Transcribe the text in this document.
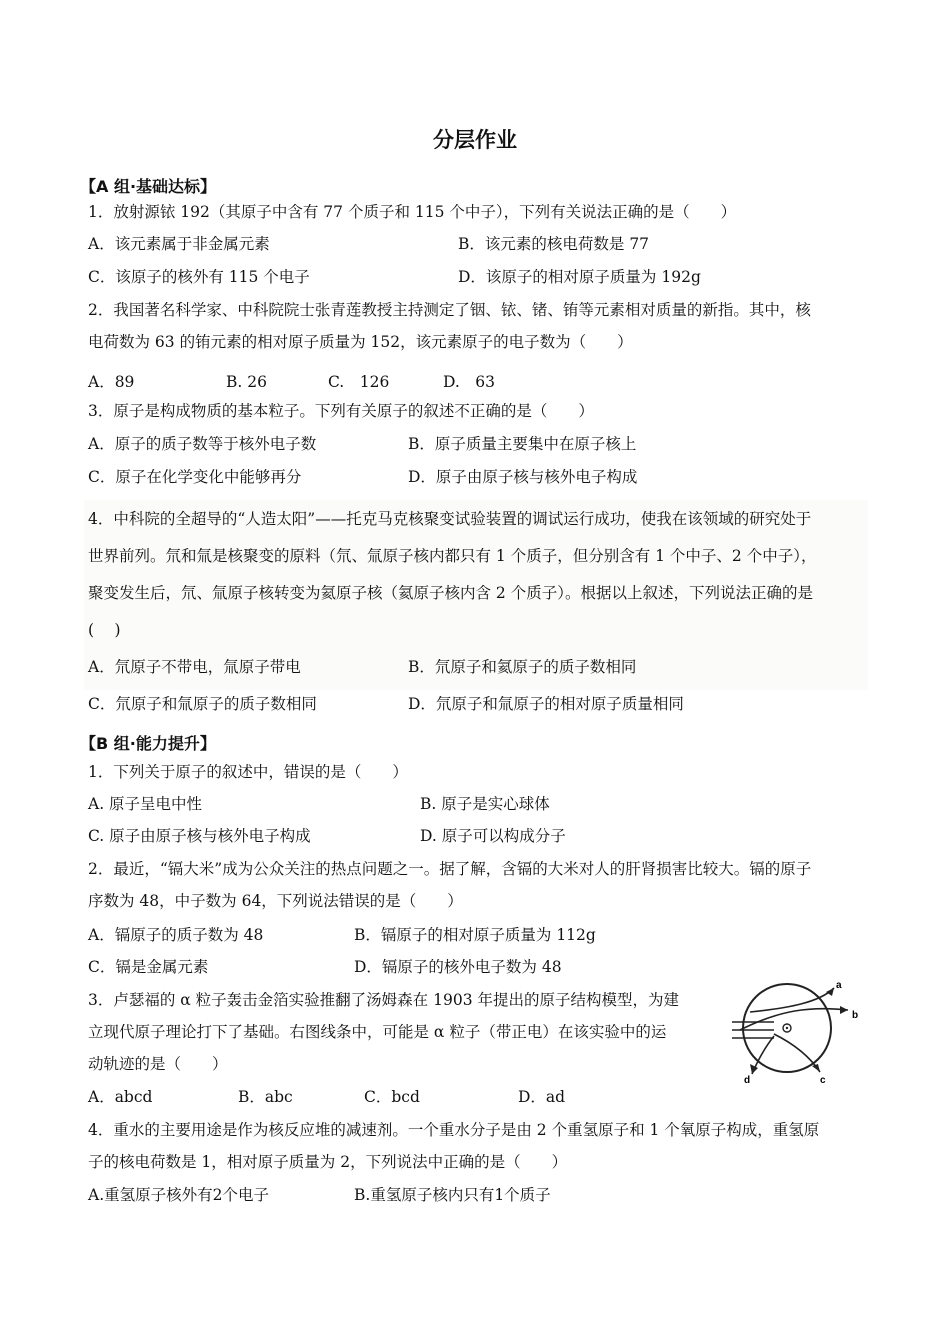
分层作业
【A 组·基础达标】
1．放射源铱 192（其原子中含有 77 个质子和 115 个中子），下列有关说法正确的是（　　）
A．该元素属于非金属元素	B．该元素的核电荷数是 77
C．该原子的核外有 115 个电子	D．该原子的相对原子质量为 192g
2．我国著名科学家、中科院院士张青莲教授主持测定了铟、铱、锗、铕等元素相对质量的新指。其中，核
电荷数为 63 的铕元素的相对原子质量为 152，该元素原子的电子数为（　　）
A．89	B. 26	C.　126	D.　63
3．原子是构成物质的基本粒子。下列有关原子的叙述不正确的是（　　）
A．原子的质子数等于核外电子数	B．原子质量主要集中在原子核上
C．原子在化学变化中能够再分	D．原子由原子核与核外电子构成
4．中科院的全超导的“人造太阳”——托克马克核聚变试验装置的调试运行成功，使我在该领域的研究处于
世界前列。氘和氚是核聚变的原料（氘、氚原子核内都只有 1 个质子，但分别含有 1 个中子、2 个中子），
聚变发生后，氘、氚原子核转变为氦原子核（氦原子核内含 2 个质子）。根据以上叙述，下列说法正确的是
(　 )
A．氘原子不带电，氚原子带电	B．氘原子和氦原子的质子数相同
C．氘原子和氚原子的质子数相同	D．氘原子和氚原子的相对原子质量相同
【B 组·能力提升】
1．下列关于原子的叙述中，错误的是（　　）
A. 原子呈电中性	B. 原子是实心球体
C. 原子由原子核与核外电子构成	D. 原子可以构成分子
2．最近，“镉大米”成为公众关注的热点问题之一。据了解，含镉的大米对人的肝肾损害比较大。镉的原子
序数为 48，中子数为 64，下列说法错误的是（　　）
A．镉原子的质子数为 48	B．镉原子的相对原子质量为 112g
C．镉是金属元素	D．镉原子的核外电子数为 48
3．卢瑟福的 α 粒子轰击金箔实验推翻了汤姆森在 1903 年提出的原子结构模型，为建
立现代原子理论打下了基础。右图线条中，可能是 α 粒子（带正电）在该实验中的运
动轨迹的是（　　）
A．abcd	B．abc	C．bcd	D．ad
a
b
c
d
4．重水的主要用途是作为核反应堆的减速剂。一个重水分子是由 2 个重氢原子和 1 个氧原子构成，重氢原
子的核电荷数是 1，相对原子质量为 2，下列说法中正确的是（　　）
A.重氢原子核外有2个电子	B.重氢原子核内只有1个质子
